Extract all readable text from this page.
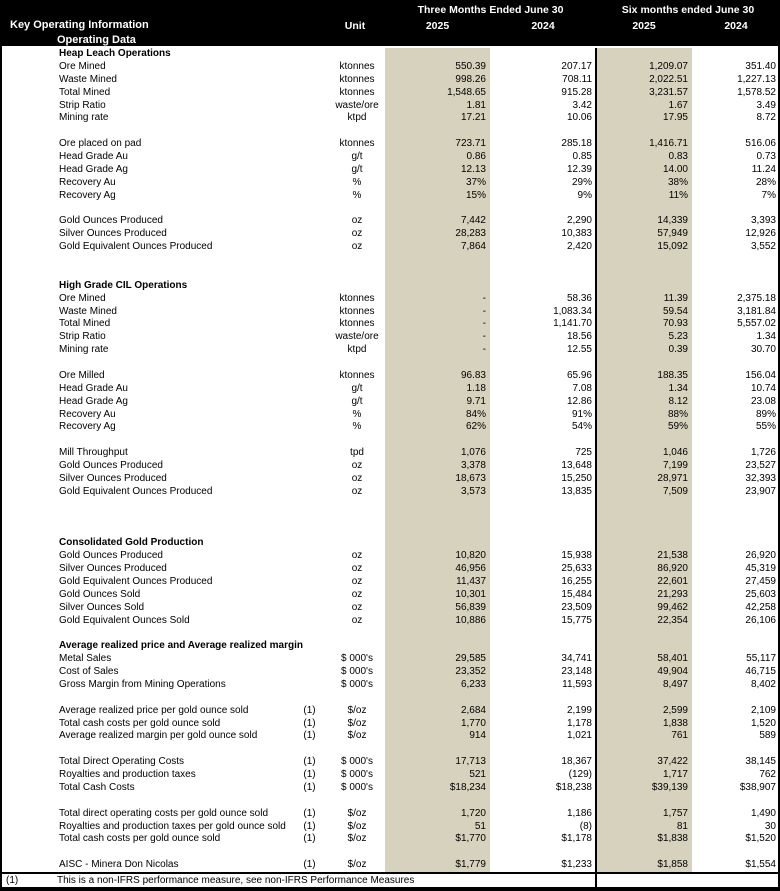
Three Months Ended June 30	Six months ended June 30
Key Operating Information	Unit	2025	2024	2025	2024
Operating Data
Heap Leach Operations
Ore Mined	ktonnes	550.39	207.17	1,209.07	351.40
Waste Mined	ktonnes	998.26	708.11	2,022.51	1,227.13
Total Mined	ktonnes	1,548.65	915.28	3,231.57	1,578.52
Strip Ratio	waste/ore	1.81	3.42	1.67	3.49
Mining rate	ktpd	17.21	10.06	17.95	8.72
Ore placed on pad	ktonnes	723.71	285.18	1,416.71	516.06
Head Grade Au	g/t	0.86	0.85	0.83	0.73
Head Grade Ag	g/t	12.13	12.39	14.00	11.24
Recovery Au	%	37%	29%	38%	28%
Recovery Ag	%	15%	9%	11%	7%
Gold Ounces Produced	oz	7,442	2,290	14,339	3,393
Silver Ounces Produced	oz	28,283	10,383	57,949	12,926
Gold Equivalent Ounces Produced	oz	7,864	2,420	15,092	3,552
High Grade CIL Operations
Ore Mined	ktonnes	-	58.36	11.39	2,375.18
Waste Mined	ktonnes	-	1,083.34	59.54	3,181.84
Total Mined	ktonnes	-	1,141.70	70.93	5,557.02
Strip Ratio	waste/ore	-	18.56	5.23	1.34
Mining rate	ktpd	-	12.55	0.39	30.70
Ore Milled	ktonnes	96.83	65.96	188.35	156.04
Head Grade Au	g/t	1.18	7.08	1.34	10.74
Head Grade Ag	g/t	9.71	12.86	8.12	23.08
Recovery Au	%	84%	91%	88%	89%
Recovery Ag	%	62%	54%	59%	55%
Mill Throughput	tpd	1,076	725	1,046	1,726
Gold Ounces Produced	oz	3,378	13,648	7,199	23,527
Silver Ounces Produced	oz	18,673	15,250	28,971	32,393
Gold Equivalent Ounces Produced	oz	3,573	13,835	7,509	23,907
Consolidated Gold Production
Gold Ounces Produced	oz	10,820	15,938	21,538	26,920
Silver Ounces Produced	oz	46,956	25,633	86,920	45,319
Gold Equivalent Ounces Produced	oz	11,437	16,255	22,601	27,459
Gold Ounces Sold	oz	10,301	15,484	21,293	25,603
Silver Ounces Sold	oz	56,839	23,509	99,462	42,258
Gold Equivalent Ounces Sold	oz	10,886	15,775	22,354	26,106
Average realized price and Average realized margin
Metal Sales	$ 000's	29,585	34,741	58,401	55,117
Cost of Sales	$ 000's	23,352	23,148	49,904	46,715
Gross Margin from Mining Operations	$ 000's	6,233	11,593	8,497	8,402
Average realized price per gold ounce sold	(1)	$/oz	2,684	2,199	2,599	2,109
Total cash costs per gold ounce sold	(1)	$/oz	1,770	1,178	1,838	1,520
Average realized margin per gold ounce sold	(1)	$/oz	914	1,021	761	589
Total Direct Operating Costs	(1)	$ 000's	17,713	18,367	37,422	38,145
Royalties and production taxes	(1)	$ 000's	521	(129)	1,717	762
Total Cash Costs	(1)	$ 000's	$18,234	$18,238	$39,139	$38,907
Total direct operating costs per gold ounce sold	(1)	$/oz	1,720	1,186	1,757	1,490
Royalties and production taxes per gold ounce sold	(1)	$/oz	51	(8)	81	30
Total cash costs per gold ounce sold	(1)	$/oz	$1,770	$1,178	$1,838	$1,520
AISC - Minera Don Nicolas	(1)	$/oz	$1,779	$1,233	$1,858	$1,554
(1)	This is a non-IFRS performance measure, see non-IFRS Performance Measures
